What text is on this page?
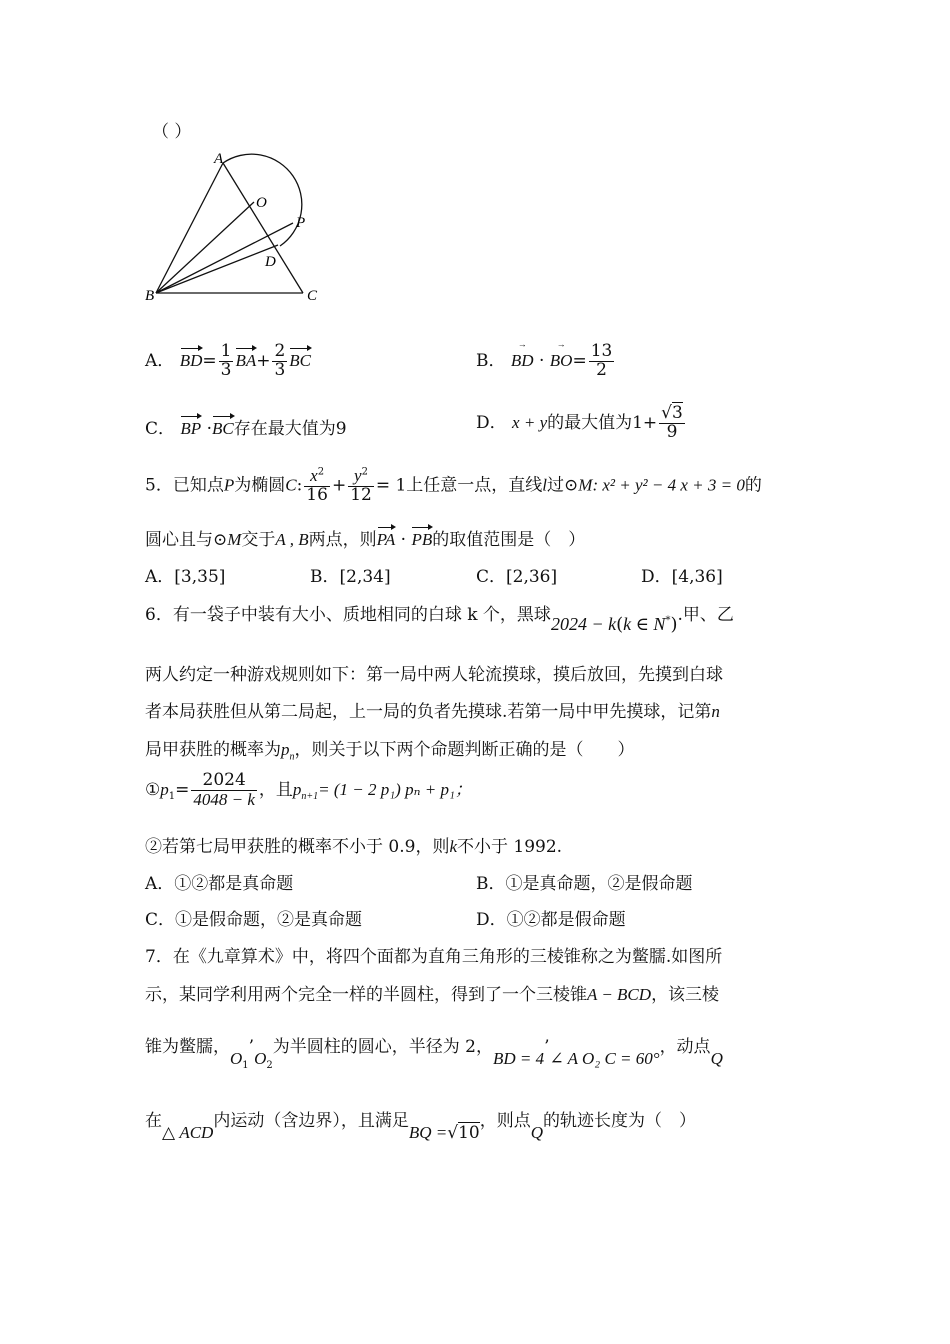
（ ）
A
O
P
D
B	C
A． $BD= \frac{1}{3} BA+ \frac{2}{3}$ BC	B． → BD · → $BO= \frac{13}{2}$
C． BP ·BC存在最大值为9	D． x + y的最大值为$1+ \frac{√3}{9}$
5．已知点P为椭圆C: $\frac{x^2}{16} + \frac{y^2}{12} = 1$上任意一点，直线l过⊙M: x² + y² − 4 x + 3 = 0的
圆心且与⊙M交于A , B两点，则PA · PB的取值范围是（　）
A．[3,35]	B．[2,34]	C．[2,36]	D．[4,36]
6．有一袋子中装有大小、质地相同的白球 k 个，黑球2024 − k(k ∈ N*).甲、乙
两人约定一种游戏规则如下：第一局中两人轮流摸球，摸后放回，先摸到白球
者本局获胜但从第二局起，上一局的负者先摸球.若第一局中甲先摸球，记第n
局甲获胜的概率为$p_n$，则关于以下两个命题判断正确的是（　　）
$①p_1= \frac{2024}{4048 - k}$ ，且$p_{n+1}= (1 - 2$ p₁) pₙ + p₁；
②若第七局甲获胜的概率不小于 0.9，则k不小于 1992.
A．①②都是真命题	B．①是真命题，②是假命题
C．①是假命题，②是真命题	D．①②都是假命题
7．在《九章算术》中，将四个面都为直角三角形的三棱锥称之为鳖臑.如图所
示，某同学利用两个完全一样的半圆柱，得到了一个三棱锥A − BCD，该三棱
锥为鳖臑，$O_1’O_2$为半圆柱的圆心，半径为 2，BD = 4’∠ A O₂ C = 60°，动点Q
在△ ACD内运动（含边界），且满足BQ =√10，则点Q的轨迹长度为（　）
